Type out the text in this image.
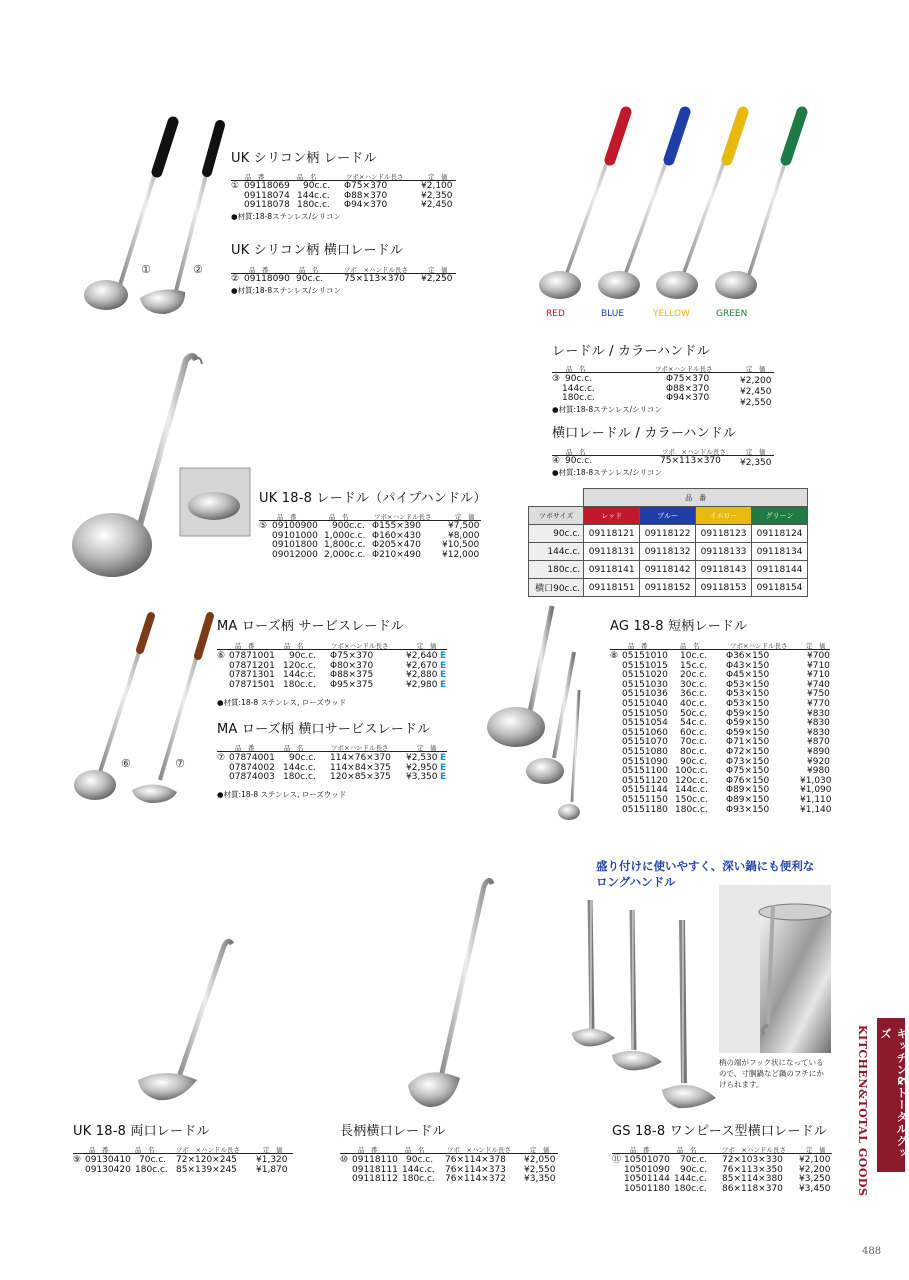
①	②
⑥	⑦
RED	BLUE	YELLOW	GREEN
UK シリコン柄 レードル
品　番	品　名	ツボ×ハンドル長さ	定　価
① 09118069 90c.c. Φ75×370	¥2,100
09118074 144c.c. Φ88×370	¥2,350
09118078 180c.c. Φ94×370	¥2,450
●材質:18-8ステンレス/シリコン
UK シリコン柄 横口レードル
品　番	品　名	ツボ　×ハンドル長さ	定　価
② 09118090 90c.c. 75×113×370 ¥2,250
●材質:18-8ステンレス/シリコン
レードル / カラーハンドル
品　名	ツボ×ハンドル長さ	定　価
③ 90c.c.	Φ75×370	¥2,200
144c.c.	Φ88×370	¥2,450
180c.c.	Φ94×370	¥2,550
●材質:18-8ステンレス/シリコン
横口レードル / カラーハンドル
品　名	ツボ　×ハンドル長さ	定　価
④ 90c.c.	75×113×370 ¥2,350
●材質:18-8ステンレス/シリコン
	品　番			
ツボサイズ	レッド	ブルー	イエロー	グリーン
90c.c.	09118121	09118122	09118123	09118124
144c.c.	09118131	09118132	09118133	09118134
180c.c.	09118141	09118142	09118143	09118144
横口90c.c.	09118151	09118152	09118153	09118154
UK 18-8 レードル（パイプハンドル）
品　番	品　名	ツボ×ハンドル長さ	定　価
⑤ 09100900 900c.c. Φ155×390	¥7,500
09101000 1,000c.c. Φ160×430	¥8,000
09101800 1,800c.c. Φ205×470 ¥10,500
09012000 2,000c.c. Φ210×490 ¥12,000
MA ローズ柄 サービスレードル
品　番	品　名	ツボ×ハンドル長さ	定　価
⑥ 07871001 90c.c. Φ75×370	¥2,640 E
07871201 120c.c. Φ80×370	¥2,670 E
07871301 144c.c. Φ88×375	¥2,880 E
07871501 180c.c. Φ95×375	¥2,980 E
●材質:18-8 ステンレス, ローズウッド
MA ローズ柄 横口サービスレードル
品　番	品　名	ツボ×ハンドル長さ	定　価
⑦ 07874001 90c.c. 114×76×370 ¥2,530 E
07874002 144c.c. 114×84×375 ¥2,950 E
07874003 180c.c. 120×85×375 ¥3,350 E
●材質:18-8 ステンレス, ローズウッド
AG 18-8 短柄レードル
品　番	品　名	ツボ×ハンドル長さ	定　価
⑧ 05151010 10c.c. Φ36×150	¥700
05151015 15c.c. Φ43×150	¥710
05151020 20c.c. Φ45×150	¥710
05151030 30c.c. Φ53×150	¥740
05151036 36c.c. Φ53×150	¥750
05151040 40c.c. Φ53×150	¥770
05151050 50c.c. Φ59×150	¥830
05151054 54c.c. Φ59×150	¥830
05151060 60c.c. Φ59×150	¥830
05151070 70c.c. Φ71×150	¥870
05151080 80c.c. Φ72×150	¥890
05151090 90c.c. Φ73×150	¥920
05151100 100c.c. Φ75×150	¥980
05151120 120c.c. Φ76×150	¥1,030
05151144 144c.c. Φ89×150	¥1,090
05151150 150c.c. Φ89×150	¥1,110
05151180 180c.c. Φ93×150	¥1,140
盛り付けに使いやすく、深い鍋にも便利な
ロングハンドル
柄の端がフック状になっている
ので、寸胴鍋など鍋のフチにか
けられます。
UK 18-8 両口レードル
品　番	品　名	ツボ　×ハンドル長さ	定　価
⑨ 09130410 70c.c. 72×120×245 ¥1,320
09130420 180c.c. 85×139×245 ¥1,870
長柄横口レードル
品　番	品　名	ツボ　×ハンドル長さ	定　価
⑩ 09118110 90c.c. 76×114×378 ¥2,050
09118111 144c.c. 76×114×373 ¥2,550
09118112 180c.c. 76×114×372 ¥3,350
GS 18-8 ワンピース型横口レードル
品　番	品　名	ツボ　×ハンドル長さ	定　価
⑪ 10501070 70c.c. 72×103×330 ¥2,100
10501090 90c.c. 76×113×350 ¥2,200
10501144 144c.c. 85×114×380 ¥3,250
10501180 180c.c. 86×118×370 ¥3,450 KITCHEN&TOTAL GOODS	キッチン&トータルグッズ
488
